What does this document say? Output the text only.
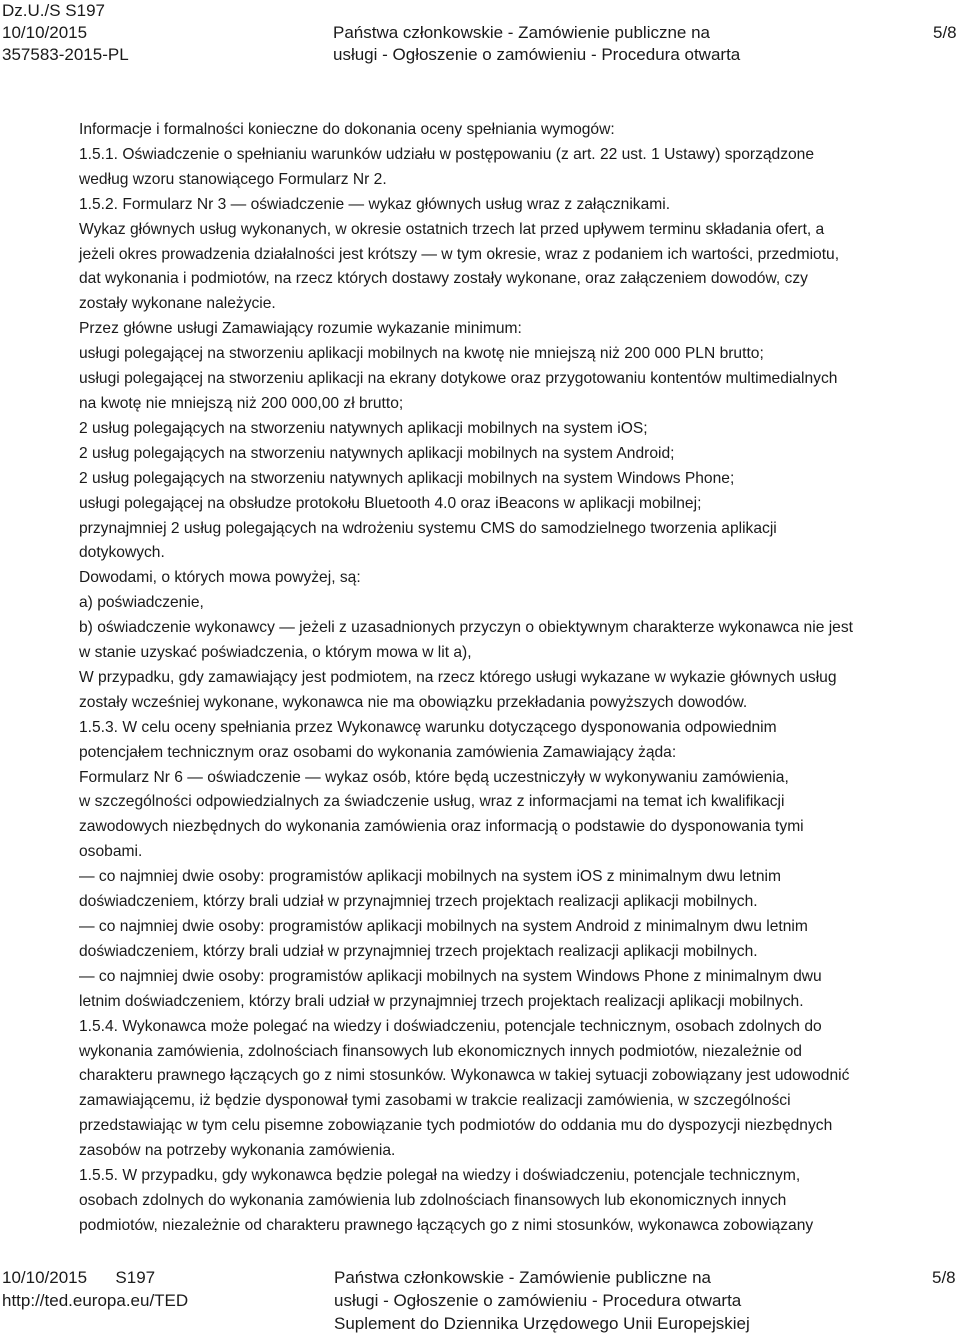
Dz.U./S S197
10/10/2015
357583-2015-PL
Państwa członkowskie - Zamówienie publiczne na
usługi - Ogłoszenie o zamówieniu - Procedura otwarta
5/8
Informacje i formalności konieczne do dokonania oceny spełniania wymogów:
1.5.1. Oświadczenie o spełnianiu warunków udziału w postępowaniu (z art. 22 ust. 1 Ustawy) sporządzone
według wzoru stanowiącego Formularz Nr 2.
1.5.2. Formularz Nr 3 — oświadczenie — wykaz głównych usług wraz z załącznikami.
Wykaz głównych usług wykonanych, w okresie ostatnich trzech lat przed upływem terminu składania ofert, a
jeżeli okres prowadzenia działalności jest krótszy — w tym okresie, wraz z podaniem ich wartości, przedmiotu,
dat wykonania i podmiotów, na rzecz których dostawy zostały wykonane, oraz załączeniem dowodów, czy
zostały wykonane należycie.
Przez główne usługi Zamawiający rozumie wykazanie minimum:
usługi polegającej na stworzeniu aplikacji mobilnych na kwotę nie mniejszą niż 200 000 PLN brutto;
usługi polegającej na stworzeniu aplikacji na ekrany dotykowe oraz przygotowaniu kontentów multimedialnych
na kwotę nie mniejszą niż 200 000,00 zł brutto;
2 usług polegających na stworzeniu natywnych aplikacji mobilnych na system iOS;
2 usług polegających na stworzeniu natywnych aplikacji mobilnych na system Android;
2 usług polegających na stworzeniu natywnych aplikacji mobilnych na system Windows Phone;
usługi polegającej na obsłudze protokołu Bluetooth 4.0 oraz iBeacons w aplikacji mobilnej;
przynajmniej 2 usług polegających na wdrożeniu systemu CMS do samodzielnego tworzenia aplikacji
dotykowych.
Dowodami, o których mowa powyżej, są:
a) poświadczenie,
b) oświadczenie wykonawcy — jeżeli z uzasadnionych przyczyn o obiektywnym charakterze wykonawca nie jest
w stanie uzyskać poświadczenia, o którym mowa w lit a),
W przypadku, gdy zamawiający jest podmiotem, na rzecz którego usługi wykazane w wykazie głównych usług
zostały wcześniej wykonane, wykonawca nie ma obowiązku przekładania powyższych dowodów.
1.5.3. W celu oceny spełniania przez Wykonawcę warunku dotyczącego dysponowania odpowiednim
potencjałem technicznym oraz osobami do wykonania zamówienia Zamawiający żąda:
Formularz Nr 6 — oświadczenie — wykaz osób, które będą uczestniczyły w wykonywaniu zamówienia,
w szczególności odpowiedzialnych za świadczenie usług, wraz z informacjami na temat ich kwalifikacji
zawodowych niezbędnych do wykonania zamówienia oraz informacją o podstawie do dysponowania tymi
osobami.
— co najmniej dwie osoby: programistów aplikacji mobilnych na system iOS z minimalnym dwu letnim
doświadczeniem, którzy brali udział w przynajmniej trzech projektach realizacji aplikacji mobilnych.
— co najmniej dwie osoby: programistów aplikacji mobilnych na system Android z minimalnym dwu letnim
doświadczeniem, którzy brali udział w przynajmniej trzech projektach realizacji aplikacji mobilnych.
— co najmniej dwie osoby: programistów aplikacji mobilnych na system Windows Phone z minimalnym dwu
letnim doświadczeniem, którzy brali udział w przynajmniej trzech projektach realizacji aplikacji mobilnych.
1.5.4. Wykonawca może polegać na wiedzy i doświadczeniu, potencjale technicznym, osobach zdolnych do
wykonania zamówienia, zdolnościach finansowych lub ekonomicznych innych podmiotów, niezależnie od
charakteru prawnego łączących go z nimi stosunków. Wykonawca w takiej sytuacji zobowiązany jest udowodnić
zamawiającemu, iż będzie dysponował tymi zasobami w trakcie realizacji zamówienia, w szczególności
przedstawiając w tym celu pisemne zobowiązanie tych podmiotów do oddania mu do dyspozycji niezbędnych
zasobów na potrzeby wykonania zamówienia.
1.5.5. W przypadku, gdy wykonawca będzie polegał na wiedzy i doświadczeniu, potencjale technicznym,
osobach zdolnych do wykonania zamówienia lub zdolnościach finansowych lub ekonomicznych innych
podmiotów, niezależnie od charakteru prawnego łączących go z nimi stosunków, wykonawca zobowiązany
10/10/2015      S197
http://ted.europa.eu/TED
Państwa członkowskie - Zamówienie publiczne na
usługi - Ogłoszenie o zamówieniu - Procedura otwarta
Suplement do Dziennika Urzędowego Unii Europejskiej
5/8
